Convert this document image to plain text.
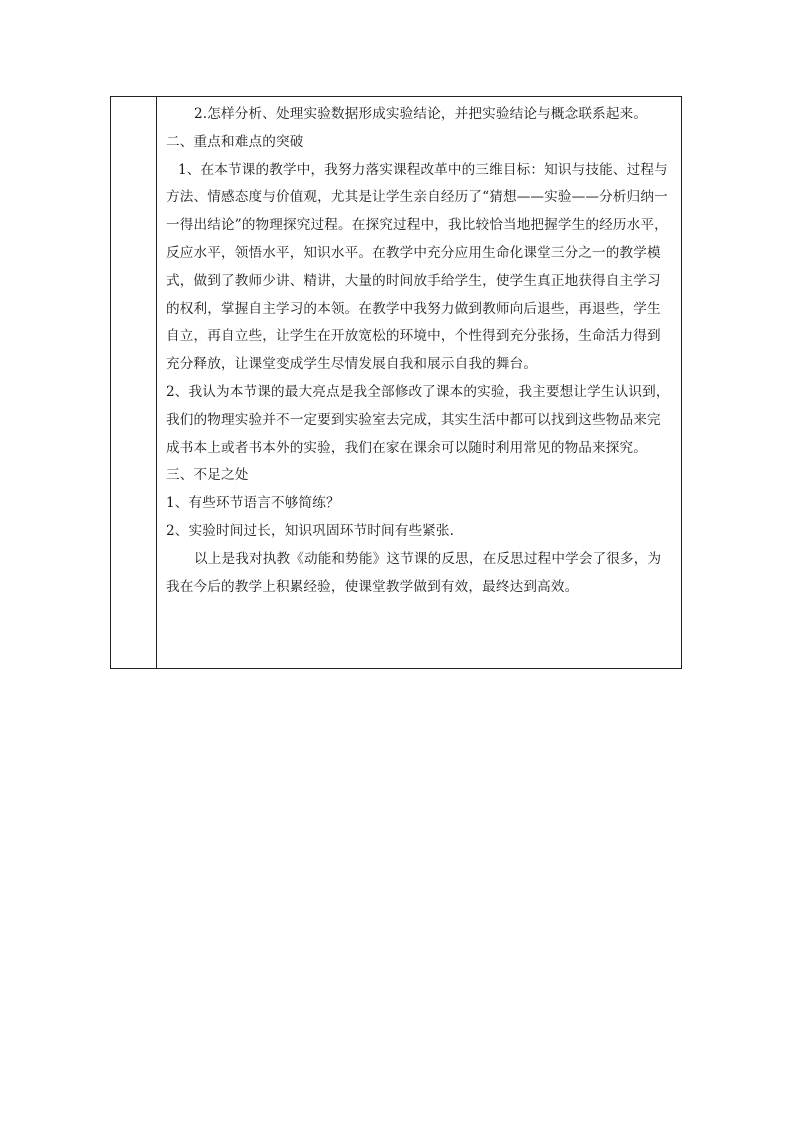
2.怎样分析、处理实验数据形成实验结论，并把实验结论与概念联系起来。
二、重点和难点的突破
1、在本节课的教学中，我努力落实课程改革中的三维目标：知识与技能、过程与
方法、情感态度与价值观，尤其是让学生亲自经历了“猜想——实验——分析归纳一
一得出结论”的物理探究过程。在探究过程中，我比较恰当地把握学生的经历水平，
反应水平，领悟水平，知识水平。在教学中充分应用生命化课堂三分之一的教学模
式，做到了教师少讲、精讲，大量的时间放手给学生，使学生真正地获得自主学习
的权利，掌握自主学习的本领。在教学中我努力做到教师向后退些，再退些，学生
自立，再自立些，让学生在开放宽松的环境中，个性得到充分张扬，生命活力得到
充分释放，让课堂变成学生尽情发展自我和展示自我的舞台。
2、我认为本节课的最大亮点是我全部修改了课本的实验，我主要想让学生认识到，
我们的物理实验并不一定要到实验室去完成，其实生活中都可以找到这些物品来完
成书本上或者书本外的实验，我们在家在课余可以随时利用常见的物品来探究。
三、不足之处
1、有些环节语言不够简练？
2、实验时间过长，知识巩固环节时间有些紧张.
以上是我对执教《动能和势能》这节课的反思，在反思过程中学会了很多，为
我在今后的教学上积累经验，使课堂教学做到有效，最终达到高效。
